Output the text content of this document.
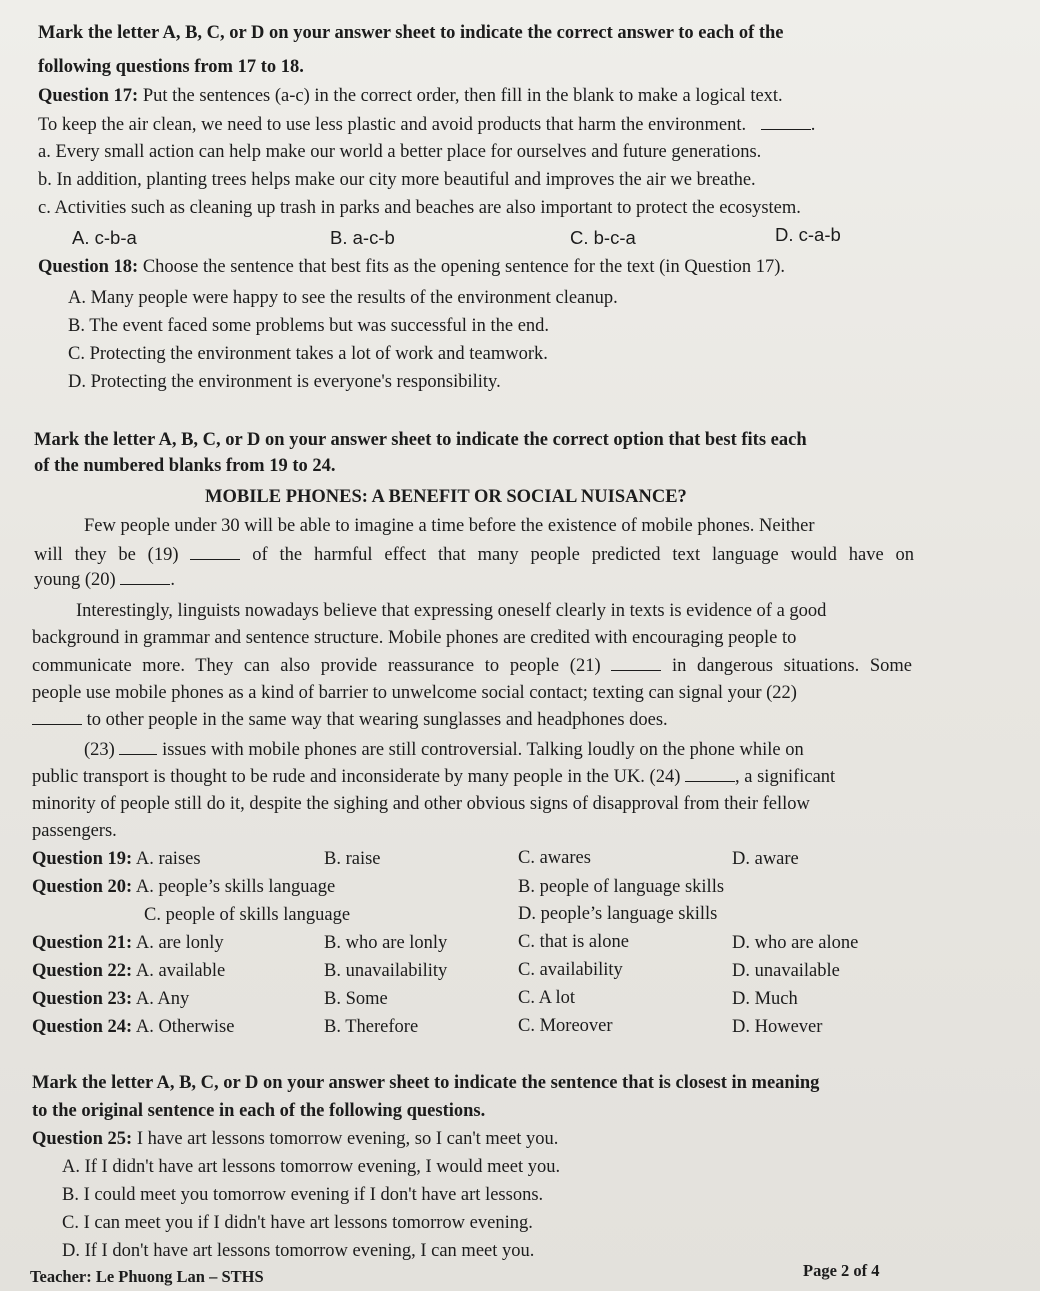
Mark the letter A, B, C, or D on your answer sheet to indicate the correct answer to each of the
following questions from 17 to 18.
Question 17: Put the sentences (a-c) in the correct order, then fill in the blank to make a logical text.
To keep the air clean, we need to use less plastic and avoid products that harm the environment.	.
a. Every small action can help make our world a better place for ourselves and future generations.
b. In addition, planting trees helps make our city more beautiful and improves the air we breathe.
c. Activities such as cleaning up trash in parks and beaches are also important to protect the ecosystem.
A. c-b-a	B. a-c-b	C. b-c-a	D. c-a-b
Question 18: Choose the sentence that best fits as the opening sentence for the text (in Question 17).
A. Many people were happy to see the results of the environment cleanup.
B. The event faced some problems but was successful in the end.
C. Protecting the environment takes a lot of work and teamwork.
D. Protecting the environment is everyone's responsibility.
Mark the letter A, B, C, or D on your answer sheet to indicate the correct option that best fits each
of the numbered blanks from 19 to 24.
MOBILE PHONES: A BENEFIT OR SOCIAL NUISANCE?
Few people under 30 will be able to imagine a time before the existence of mobile phones. Neither
will they be (19)	of the harmful effect that many people predicted text language would have on
young (20)	.
Interestingly, linguists nowadays believe that expressing oneself clearly in texts is evidence of a good
background in grammar and sentence structure. Mobile phones are credited with encouraging people to
communicate more. They can also provide reassurance to people (21)	in dangerous situations. Some
people use mobile phones as a kind of barrier to unwelcome social contact; texting can signal your (22)
to other people in the same way that wearing sunglasses and headphones does.
(23)	issues with mobile phones are still controversial. Talking loudly on the phone while on
public transport is thought to be rude and inconsiderate by many people in the UK. (24)	, a significant
minority of people still do it, despite the sighing and other obvious signs of disapproval from their fellow
passengers.
Question 19: A. raises	B. raise	C. awares	D. aware
Question 20: A. people’s skills language	B. people of language skills
C. people of skills language	D. people’s language skills
Question 21: A. are lonly	B. who are lonly	C. that is alone	D. who are alone
Question 22: A. available	B. unavailability	C. availability	D. unavailable
Question 23: A. Any	B. Some	C. A lot	D. Much
Question 24: A. Otherwise	B. Therefore	C. Moreover	D. However
Mark the letter A, B, C, or D on your answer sheet to indicate the sentence that is closest in meaning
to the original sentence in each of the following questions.
Question 25: I have art lessons tomorrow evening, so I can't meet you.
A. If I didn't have art lessons tomorrow evening, I would meet you.
B. I could meet you tomorrow evening if I don't have art lessons.
C. I can meet you if I didn't have art lessons tomorrow evening.
D. If I don't have art lessons tomorrow evening, I can meet you.
Teacher: Le Phuong Lan – STHS	Page 2 of 4
